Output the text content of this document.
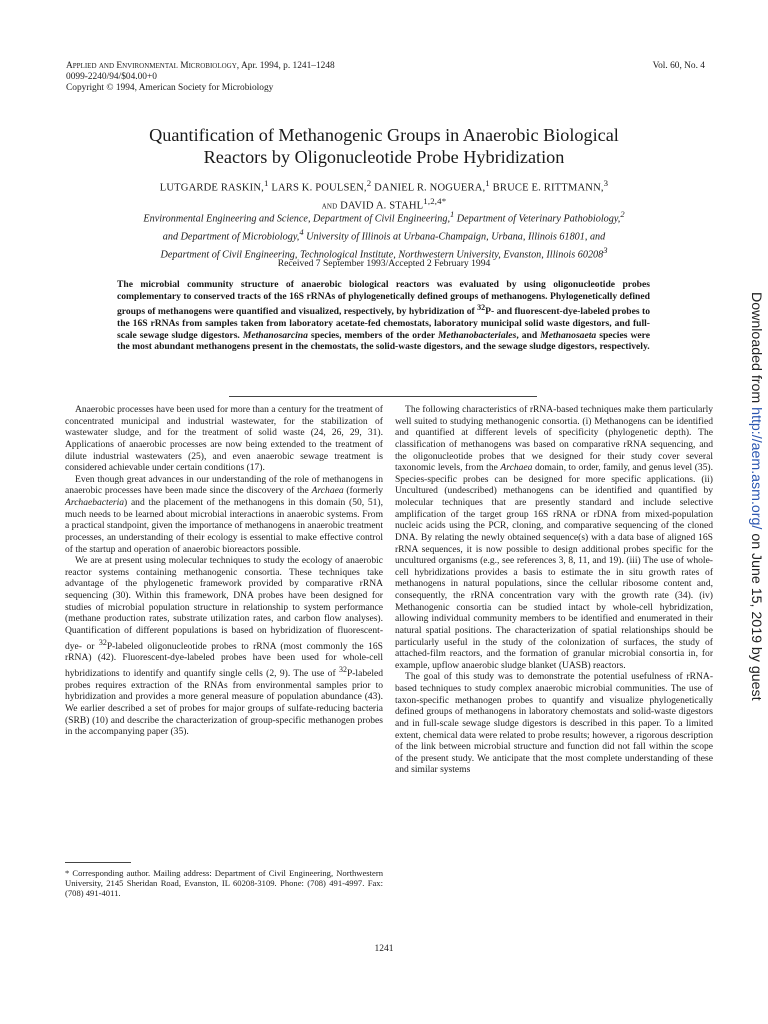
Applied and Environmental Microbiology, Apr. 1994, p. 1241–1248
0099-2240/94/$04.00+0
Copyright © 1994, American Society for Microbiology
Vol. 60, No. 4
Quantification of Methanogenic Groups in Anaerobic Biological
Reactors by Oligonucleotide Probe Hybridization
LUTGARDE RASKIN,$^1$ LARS K. POULSEN,$^2$ DANIEL R. NOGUERA,$^1$ BRUCE E. RITTMANN,$^3$
and DAVID A. $STAHL^{1,2,4*}$
Environmental Engineering and Science, Department of Civil Engineering,$^1$ Department of Veterinary Pathobiology,$^2$
and Department of Microbiology,$^4$ University of Illinois at Urbana-Champaign, Urbana, Illinois 61801, and
Department of Civil Engineering, Technological Institute, Northwestern University, Evanston, Illinois 60208$^3$
Received 7 September 1993/Accepted 2 February 1994
The microbial community structure of anaerobic biological reactors was evaluated by using oligonucleotide probes complementary to conserved tracts of the 16S rRNAs of phylogenetically defined groups of methanogens. Phylogenetically defined groups of methanogens were quantified and visualized, respectively, by hybridization of $^{32}$P- and fluorescent-dye-labeled probes to the 16S rRNAs from samples taken from laboratory acetate-fed chemostats, laboratory municipal solid waste digestors, and full-scale sewage sludge digestors. Methanosarcina species, members of the order Methanobacteriales, and Methanosaeta species were the most abundant methanogens present in the chemostats, the solid-waste digestors, and the sewage sludge digestors, respectively.

Anaerobic processes have been used for more than a century for the treatment of concentrated municipal and industrial wastewater, for the stabilization of wastewater sludge, and for the treatment of solid waste (24, 26, 29, 31). Applications of anaerobic processes are now being extended to the treatment of dilute industrial wastewaters (25), and even anaerobic sewage treatment is considered achievable under certain conditions (17).

Even though great advances in our understanding of the role of methanogens in anaerobic processes have been made since the discovery of the Archaea (formerly Archaebacteria) and the placement of the methanogens in this domain (50, 51), much needs to be learned about microbial interactions in anaerobic systems. From a practical standpoint, given the importance of methanogens in anaerobic treatment processes, an understanding of their ecology is essential to make effective control of the startup and operation of anaerobic bioreactors possible.

We are at present using molecular techniques to study the ecology of anaerobic reactor systems containing methanogenic consortia. These techniques take advantage of the phylogenetic framework provided by comparative rRNA sequencing (30). Within this framework, DNA probes have been designed for studies of microbial population structure in relationship to system performance (methane production rates, substrate utilization rates, and carbon flow analyses). Quantification of different populations is based on hybridization of fluorescent-dye- or $^{32}$P-labeled oligonucleotide probes to rRNA (most commonly the 16S rRNA) (42). Fluorescent-dye-labeled probes have been used for whole-cell hybridizations to identify and quantify single cells (2, 9). The use of $^{32}$P-labeled probes requires extraction of the RNAs from environmental samples prior to hybridization and provides a more general measure of population abundance (43). We earlier described a set of probes for major groups of sulfate-reducing bacteria (SRB) (10) and describe the characterization of group-specific methanogen probes in the accompanying paper (35).

* Corresponding author. Mailing address: Department of Civil Engineering, Northwestern University, 2145 Sheridan Road, Evanston, IL 60208-3109. Phone: (708) 491-4997. Fax: (708) 491-4011.

The following characteristics of rRNA-based techniques make them particularly well suited to studying methanogenic consortia. (i) Methanogens can be identified and quantified at different levels of specificity (phylogenetic depth). The classification of methanogens was based on comparative rRNA sequencing, and the oligonucleotide probes that we designed for their study cover several taxonomic levels, from the Archaea domain, to order, family, and genus level (35). Species-specific probes can be designed for more specific applications. (ii) Uncultured (undescribed) methanogens can be identified and quantified by molecular techniques that are presently standard and include selective amplification of the target group 16S rRNA or rDNA from mixed-population nucleic acids using the PCR, cloning, and comparative sequencing of the cloned DNA. By relating the newly obtained sequence(s) with a data base of aligned 16S rRNA sequences, it is now possible to design additional probes specific for the uncultured organisms (e.g., see references 3, 8, 11, and 19). (iii) The use of whole-cell hybridizations provides a basis to estimate the in situ growth rates of methanogens in natural populations, since the cellular ribosome content and, consequently, the rRNA concentration vary with the growth rate (34). (iv) Methanogenic consortia can be studied intact by whole-cell hybridization, allowing individual community members to be identified and enumerated in their natural spatial positions. The characterization of spatial relationships should be particularly useful in the study of the colonization of surfaces, the study of attached-film reactors, and the formation of granular microbial consortia in, for example, upflow anaerobic sludge blanket (UASB) reactors.

The goal of this study was to demonstrate the potential usefulness of rRNA-based techniques to study complex anaerobic microbial communities. The use of taxon-specific methanogen probes to quantify and visualize phylogenetically defined groups of methanogens in laboratory chemostats and solid-waste digestors and in full-scale sewage sludge digestors is described in this paper. To a limited extent, chemical data were related to probe results; however, a rigorous description of the link between microbial structure and function did not fall within the scope of the present study. We anticipate that the most complete understanding of these and similar systems

1241
Downloaded from http://aem.asm.org/ on June 15, 2019 by guest
